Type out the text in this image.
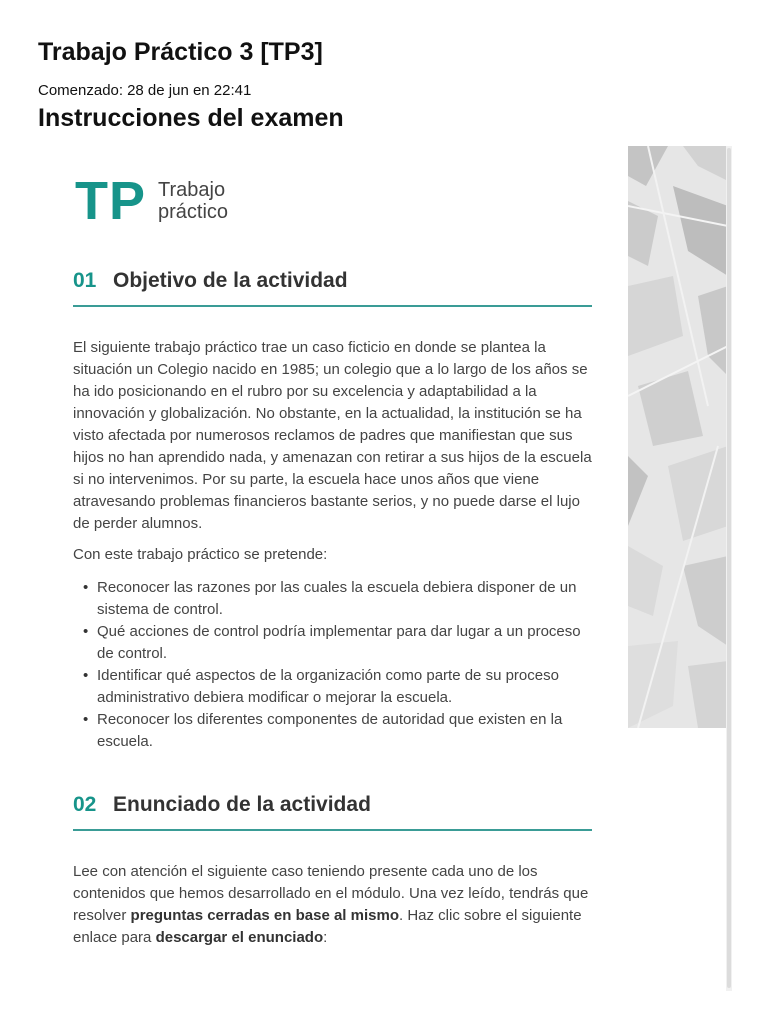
Trabajo Práctico 3 [TP3]
Comenzado: 28 de jun en 22:41
Instrucciones del examen
TP Trabajo
práctico
01 Objetivo de la actividad

El siguiente trabajo práctico trae un caso ficticio en donde se plantea la situación un Colegio nacido en 1985; un colegio que a lo largo de los años se ha ido posicionando en el rubro por su excelencia y adaptabilidad a la innovación y globalización. No obstante, en la actualidad, la institución se ha visto afectada por numerosos reclamos de padres que manifiestan que sus hijos no han aprendido nada, y amenazan con retirar a sus hijos de la escuela si no intervenimos. Por su parte, la escuela hace unos años que viene atravesando problemas financieros bastante serios, y no puede darse el lujo de perder alumnos.

Con este trabajo práctico se pretende:

• Reconocer las razones por las cuales la escuela debiera disponer de un sistema de control.
• Qué acciones de control podría implementar para dar lugar a un proceso de control.
• Identificar qué aspectos de la organización como parte de su proceso administrativo debiera modificar o mejorar la escuela.
• Reconocer los diferentes componentes de autoridad que existen en la escuela.
02 Enunciado de la actividad

Lee con atención el siguiente caso teniendo presente cada uno de los contenidos que hemos desarrollado en el módulo. Una vez leído, tendrás que resolver preguntas cerradas en base al mismo. Haz clic sobre el siguiente enlace para descargar el enunciado:
